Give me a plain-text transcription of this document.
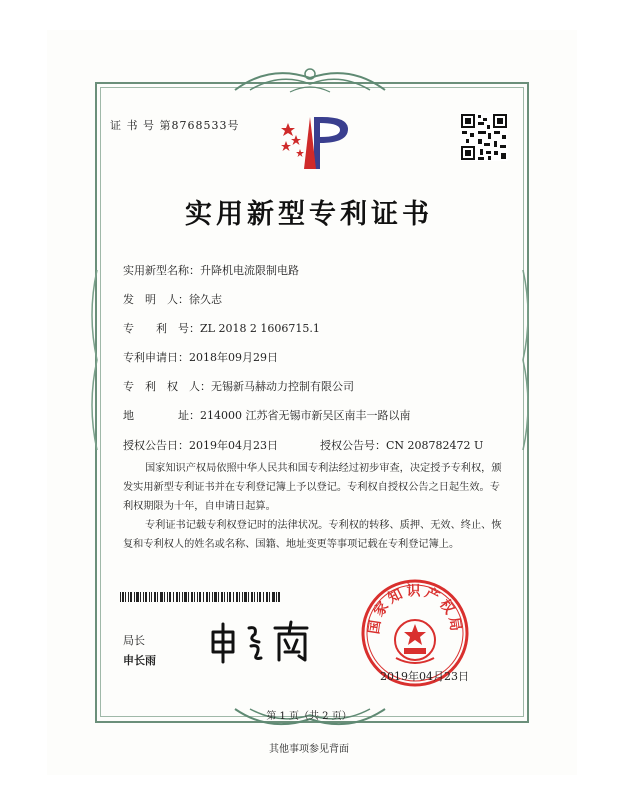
证 书 号 第8768533号
实用新型专利证书
实用新型名称：升降机电流限制电路
发　明　人：徐久志
专　　利　号：ZL 2018 2 1606715.1
专利申请日：2018年09月29日
专　利　权　人：无锡新马赫动力控制有限公司
地　　　　址：214000 江苏省无锡市新吴区南丰一路以南
授权公告日：2019年04月23日	授权公告号：CN 208782472 U
国家知识产权局依照中华人民共和国专利法经过初步审查，决定授予专利权，颁发实用新型专利证书并在专利登记簿上予以登记。专利权自授权公告之日起生效。专利权期限为十年，自申请日起算。
专利证书记载专利权登记时的法律状况。专利权的转移、质押、无效、终止、恢复和专利权人的姓名或名称、国籍、地址变更等事项记载在专利登记簿上。
局长
申长雨
国家知识产权局
2019年04月23日
第 1 页（共 2 页）
其他事项参见背面
